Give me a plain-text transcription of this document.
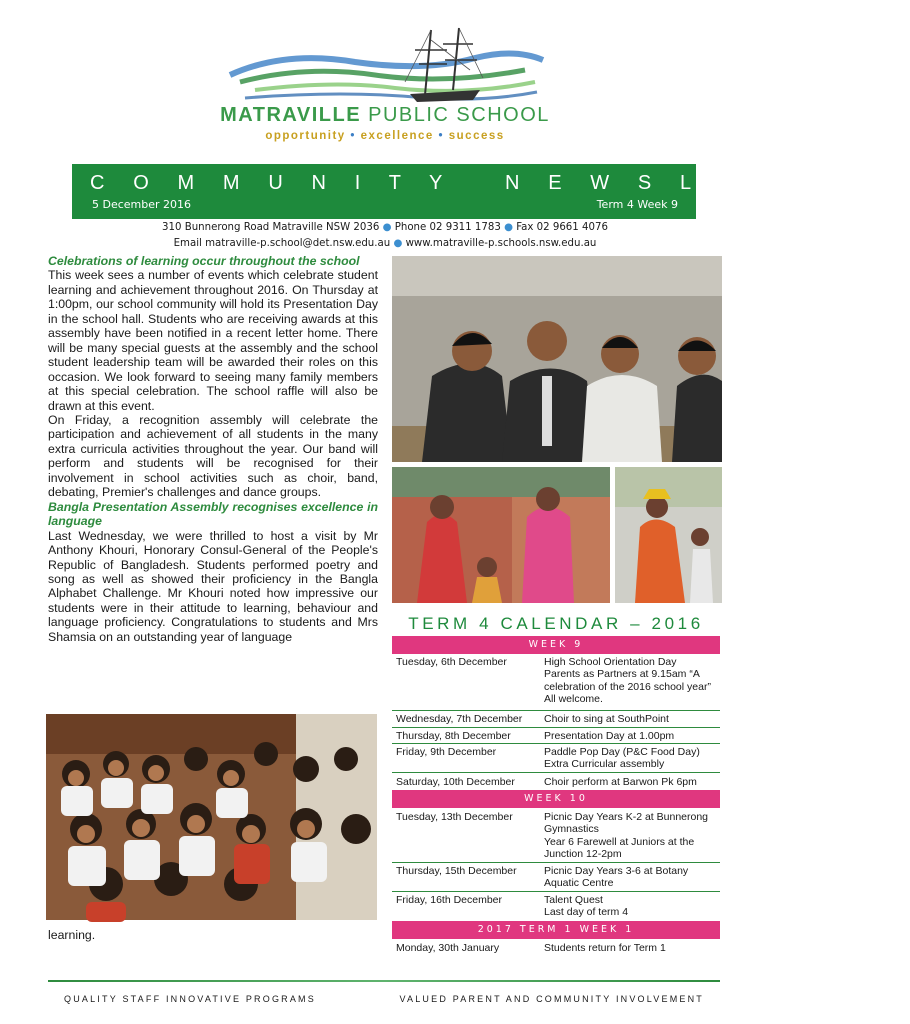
MATRAVILLE PUBLIC SCHOOL
opportunity • excellence • success
C O M M U N I T Y   N E W S L E T T E R
5 December 2016	Term 4 Week 9
310 Bunnerong Road Matraville NSW 2036 ● Phone 02 9311 1783 ● Fax 02 9661 4076
Email matraville-p.school@det.nsw.edu.au ● www.matraville-p.schools.nsw.edu.au

Celebrations of learning occur throughout the school

This week sees a number of events which celebrate student learning and achievement throughout 2016. On Thursday at 1:00pm, our school community will hold its Presentation Day in the school hall. Students who are receiving awards at this assembly have been notified in a recent letter home. There will be many special guests at the assembly and the school student leadership team will be awarded their roles on this occasion. We look forward to seeing many family members at this special celebration. The school raffle will also be drawn at this event.

On Friday, a recognition assembly will celebrate the participation and achievement of all students in the many extra curricula activities throughout the year. Our band will perform and students will be recognised for their involvement in school activities such as choir, band, debating, Premier's challenges and dance groups.

Bangla Presentation Assembly recognises excellence in language

Last Wednesday, we were thrilled to host a visit by Mr Anthony Khouri, Honorary Consul-General of the People's Republic of Bangladesh. Students performed poetry and song as well as showed their proficiency in the Bangla Alphabet Challenge. Mr Khouri noted how impressive our students were in their attitude to learning, behaviour and language proficiency. Congratulations to students and Mrs Shamsia on an outstanding year of language

learning.
TERM 4 CALENDAR – 2016
WEEK 9
Tuesday, 6th December	High School Orientation Day
Parents as Partners at 9.15am “A celebration of the 2016 school year” All welcome.
Wednesday, 7th December	Choir to sing at SouthPoint
Thursday, 8th December	Presentation Day at 1.00pm
Friday, 9th December	Paddle Pop Day (P&C Food Day)
Extra Curricular assembly
Saturday, 10th December	Choir perform at Barwon Pk 6pm
WEEK 10
Tuesday, 13th December	Picnic Day Years K-2 at Bunnerong Gymnastics
Year 6 Farewell at Juniors at the Junction 12-2pm
Thursday, 15th December	Picnic Day Years 3-6 at Botany Aquatic Centre
Friday, 16th December	Talent Quest
Last day of term 4
2017 TERM 1 WEEK 1
Monday, 30th January	Students return for Term 1
QUALITY STAFF INNOVATIVE PROGRAMS	VALUED PARENT AND COMMUNITY INVOLVEMENT
